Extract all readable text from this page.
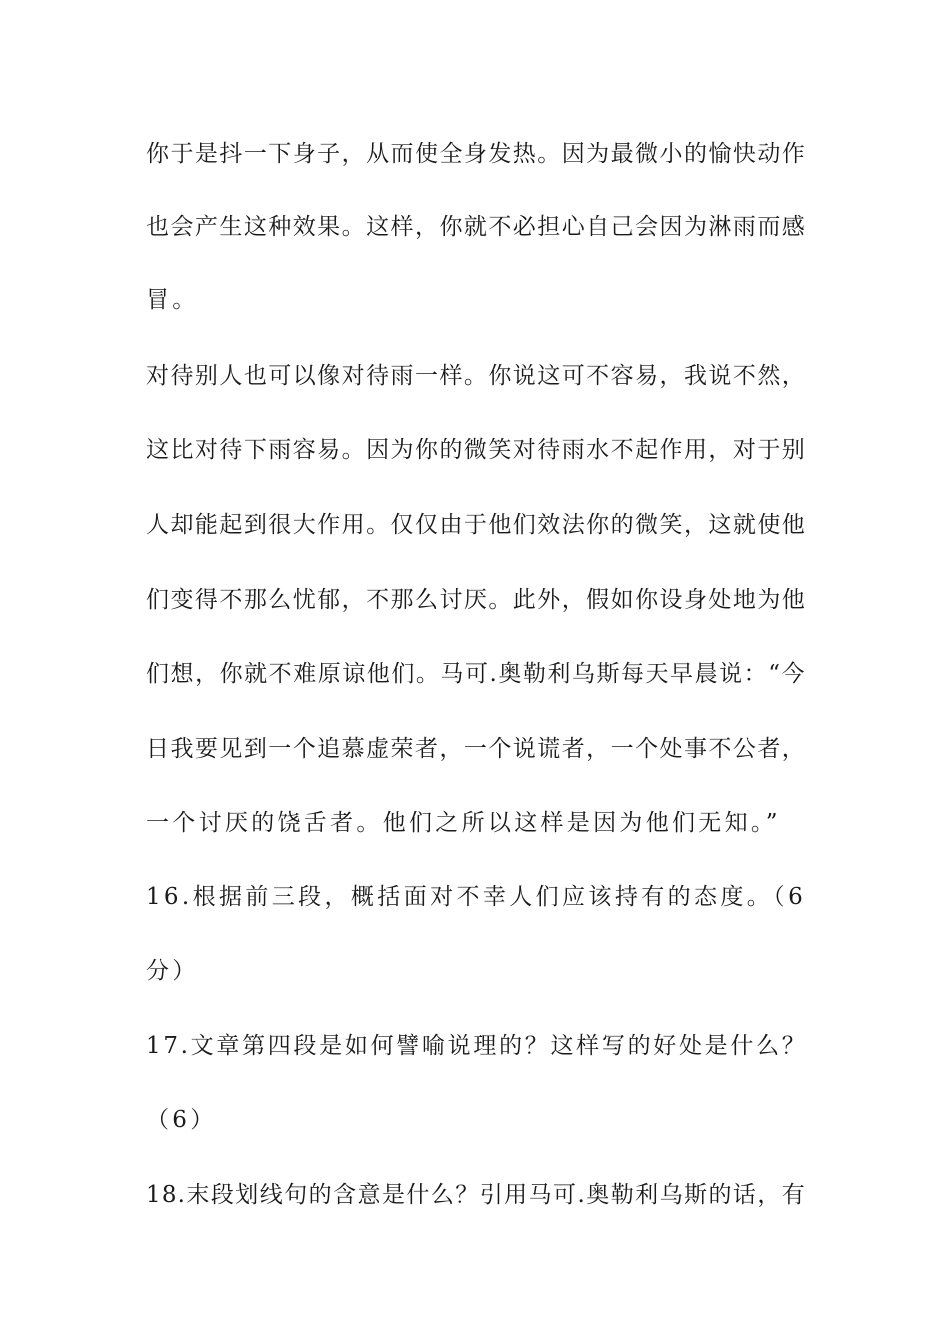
你于是抖一下身子，从而使全身发热。因为最微小的愉快动作
也会产生这种效果。这样，你就不必担心自己会因为淋雨而感
冒。
对待别人也可以像对待雨一样。你说这可不容易，我说不然，
这比对待下雨容易。因为你的微笑对待雨水不起作用，对于别
人却能起到很大作用。仅仅由于他们效法你的微笑，这就使他
们变得不那么忧郁，不那么讨厌。此外，假如你设身处地为他
们想，你就不难原谅他们。马可.奥勒利乌斯每天早晨说：“今
日我要见到一个追慕虚荣者，一个说谎者，一个处事不公者，
一个讨厌的饶舌者。他们之所以这样是因为他们无知。”
16.根据前三段，概括面对不幸人们应该持有的态度。（6
分）
17.文章第四段是如何譬喻说理的？这样写的好处是什么？
（6）
18.末段划线句的含意是什么？引用马可.奥勒利乌斯的话，有
